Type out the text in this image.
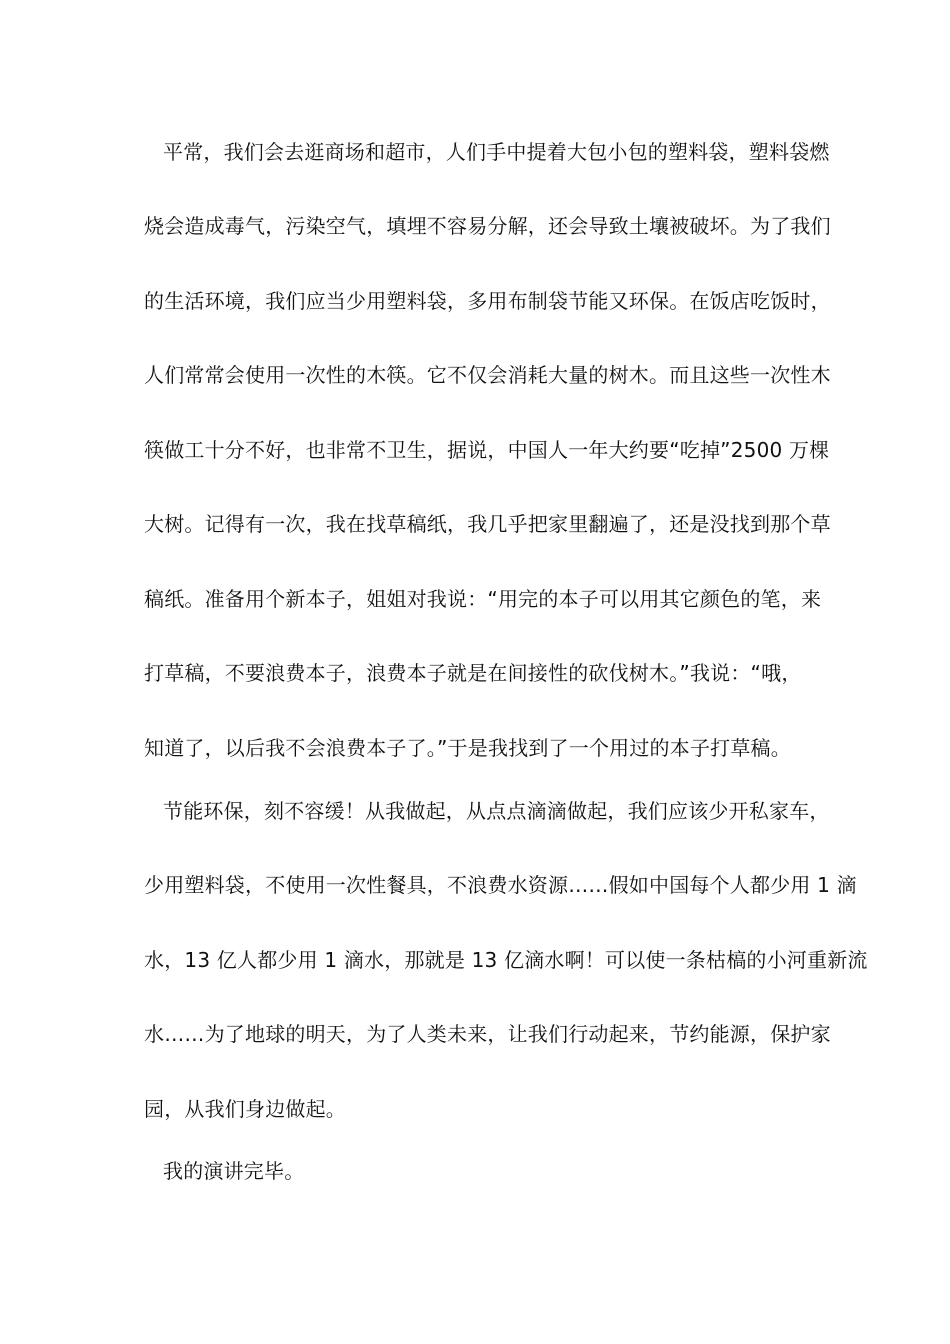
平常，我们会去逛商场和超市，人们手中提着大包小包的塑料袋，塑料袋燃
烧会造成毒气，污染空气，填埋不容易分解，还会导致土壤被破坏。为了我们
的生活环境，我们应当少用塑料袋，多用布制袋节能又环保。在饭店吃饭时，
人们常常会使用一次性的木筷。它不仅会消耗大量的树木。而且这些一次性木
筷做工十分不好，也非常不卫生，据说，中国人一年大约要“吃掉”2500 万棵
大树。记得有一次，我在找草稿纸，我几乎把家里翻遍了，还是没找到那个草
稿纸。准备用个新本子，姐姐对我说：“用完的本子可以用其它颜色的笔，来
打草稿，不要浪费本子，浪费本子就是在间接性的砍伐树木。”我说：“哦，
知道了，以后我不会浪费本子了。”于是我找到了一个用过的本子打草稿。
节能环保，刻不容缓！从我做起，从点点滴滴做起，我们应该少开私家车，
少用塑料袋，不使用一次性餐具，不浪费水资源……假如中国每个人都少用 1 滴
水，13 亿人都少用 1 滴水，那就是 13 亿滴水啊！可以使一条枯槁的小河重新流
水……为了地球的明天，为了人类未来，让我们行动起来，节约能源，保护家
园，从我们身边做起。
我的演讲完毕。
